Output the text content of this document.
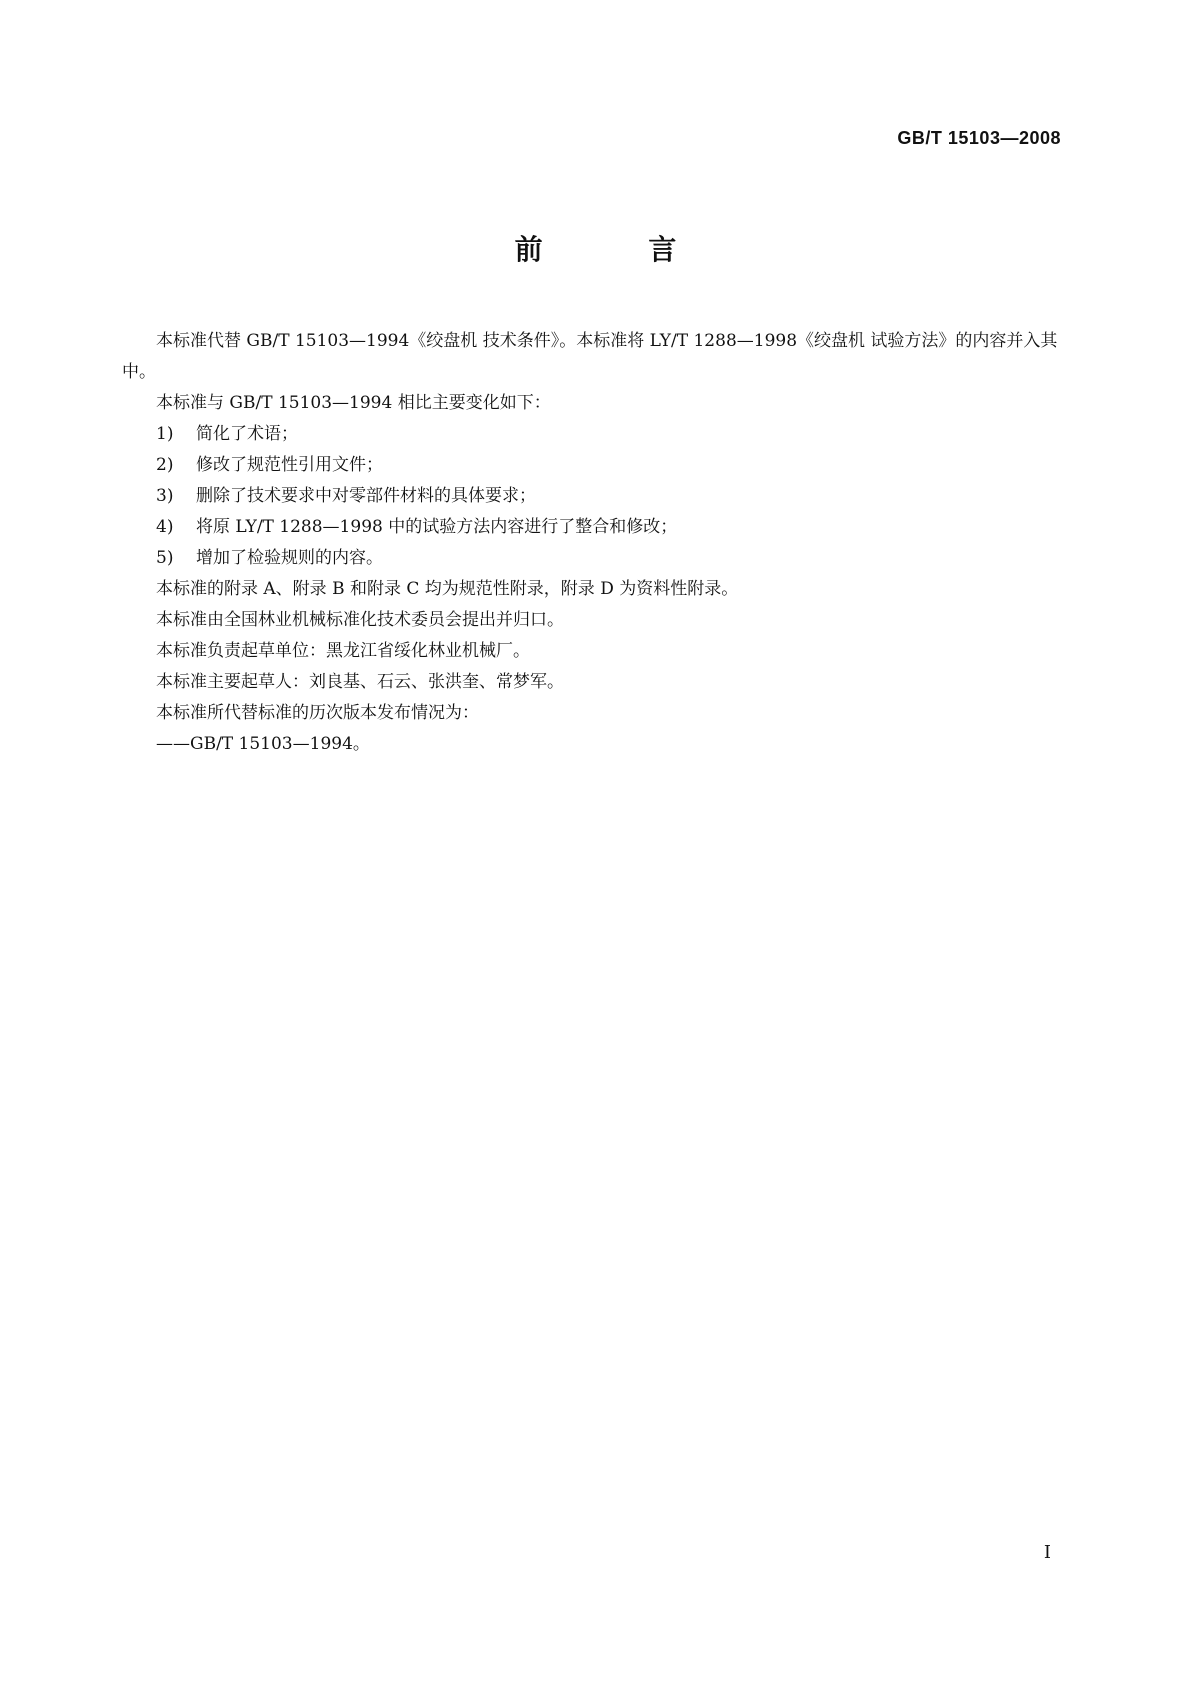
GB/T 15103—2008
前 言

本标准代替 GB/T 15103—1994《绞盘机 技术条件》。本标准将 LY/T 1288—1998《绞盘机 试验方法》的内容并入其中。

本标准与 GB/T 15103—1994 相比主要变化如下：

1)	简化了术语；

2)	修改了规范性引用文件；

3)	删除了技术要求中对零部件材料的具体要求；

4)	将原 LY/T 1288—1998 中的试验方法内容进行了整合和修改；

5)	增加了检验规则的内容。

本标准的附录 A、附录 B 和附录 C 均为规范性附录，附录 D 为资料性附录。

本标准由全国林业机械标准化技术委员会提出并归口。

本标准负责起草单位：黑龙江省绥化林业机械厂。

本标准主要起草人：刘良基、石云、张洪奎、常梦军。

本标准所代替标准的历次版本发布情况为：

——GB/T 15103—1994。

I
